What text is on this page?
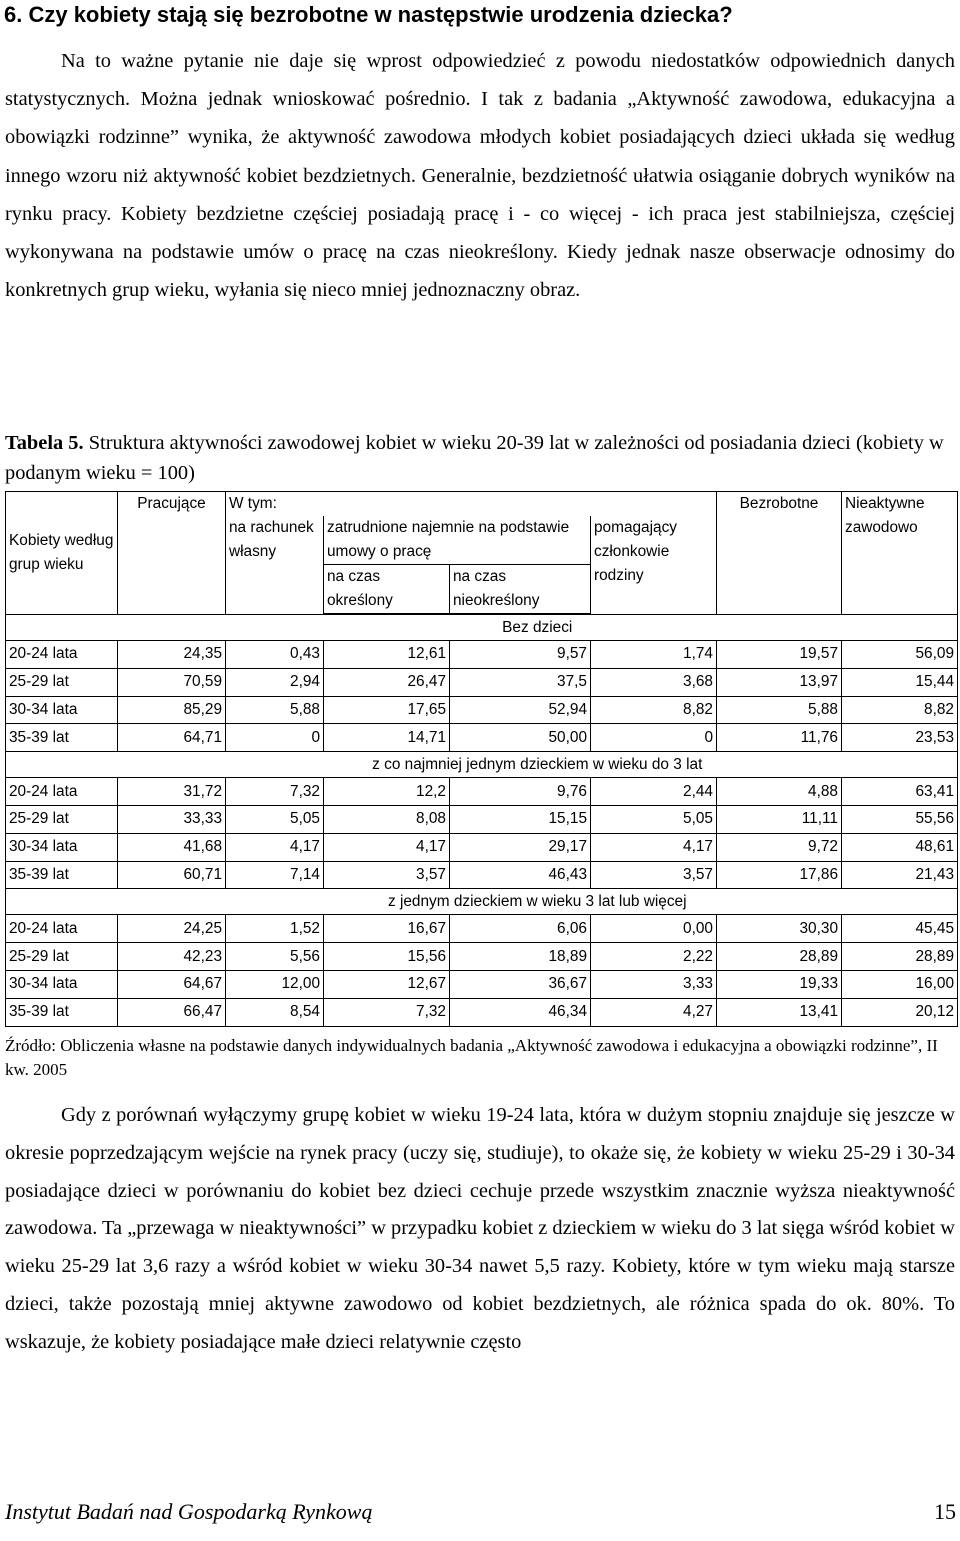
6. Czy kobiety stają się bezrobotne w następstwie urodzenia dziecka?

Na to ważne pytanie nie daje się wprost odpowiedzieć z powodu niedostatków odpowiednich danych statystycznych. Można jednak wnioskować pośrednio. I tak z badania „Aktywność zawodowa, edukacyjna a obowiązki rodzinne” wynika, że aktywność zawodowa młodych kobiet posiadających dzieci układa się według innego wzoru niż aktywność kobiet bezdzietnych. Generalnie, bezdzietność ułatwia osiąganie dobrych wyników na rynku pracy. Kobiety bezdzietne częściej posiadają pracę i - co więcej - ich praca jest stabilniejsza, częściej wykonywana na podstawie umów o pracę na czas nieokreślony. Kiedy jednak nasze obserwacje odnosimy do konkretnych grup wieku, wyłania się nieco mniej jednoznaczny obraz.

Tabela 5. Struktura aktywności zawodowej kobiet w wieku 20-39 lat w zależności od posiadania dzieci (kobiety w podanym wieku = 100)

Kobiety według grup wieku	Pracujące	W tym:				Bezrobotne	Nieaktywne zawodowo
		na rachunek własny	zatrudnione najemnie na podstawie umowy o pracę		pomagający członkowie rodziny		
			na czas określony	na czas nieokreślony			

	Bez dzieci						
20-24 lata	24,35	0,43	12,61	9,57	1,74	19,57	56,09
25-29 lat	70,59	2,94	26,47	37,5	3,68	13,97	15,44
30-34 lata	85,29	5,88	17,65	52,94	8,82	5,88	8,82
35-39 lat	64,71	0	14,71	50,00	0	11,76	23,53
	z co najmniej jednym dzieckiem w wieku do 3 lat						
20-24 lata	31,72	7,32	12,2	9,76	2,44	4,88	63,41
25-29 lat	33,33	5,05	8,08	15,15	5,05	11,11	55,56
30-34 lata	41,68	4,17	4,17	29,17	4,17	9,72	48,61
35-39 lat	60,71	7,14	3,57	46,43	3,57	17,86	21,43
	z jednym dzieckiem w wieku 3 lat lub więcej						
20-24 lata	24,25	1,52	16,67	6,06	0,00	30,30	45,45
25-29 lat	42,23	5,56	15,56	18,89	2,22	28,89	28,89
30-34 lata	64,67	12,00	12,67	36,67	3,33	19,33	16,00
35-39 lat	66,47	8,54	7,32	46,34	4,27	13,41	20,12

Źródło: Obliczenia własne na podstawie danych indywidualnych badania „Aktywność zawodowa i edukacyjna a obowiązki rodzinne”, II kw. 2005

Gdy z porównań wyłączymy grupę kobiet w wieku 19-24 lata, która w dużym stopniu znajduje się jeszcze w okresie poprzedzającym wejście na rynek pracy (uczy się, studiuje), to okaże się, że kobiety w wieku 25-29 i 30-34 posiadające dzieci w porównaniu do kobiet bez dzieci cechuje przede wszystkim znacznie wyższa nieaktywność zawodowa. Ta „przewaga w nieaktywności” w przypadku kobiet z dzieckiem w wieku do 3 lat sięga wśród kobiet w wieku 25-29 lat 3,6 razy a wśród kobiet w wieku 30-34 nawet 5,5 razy. Kobiety, które w tym wieku mają starsze dzieci, także pozostają mniej aktywne zawodowo od kobiet bezdzietnych, ale różnica spada do ok. 80%. To wskazuje, że kobiety posiadające małe dzieci relatywnie często

Instytut Badań nad Gospodarką Rynkową	15
